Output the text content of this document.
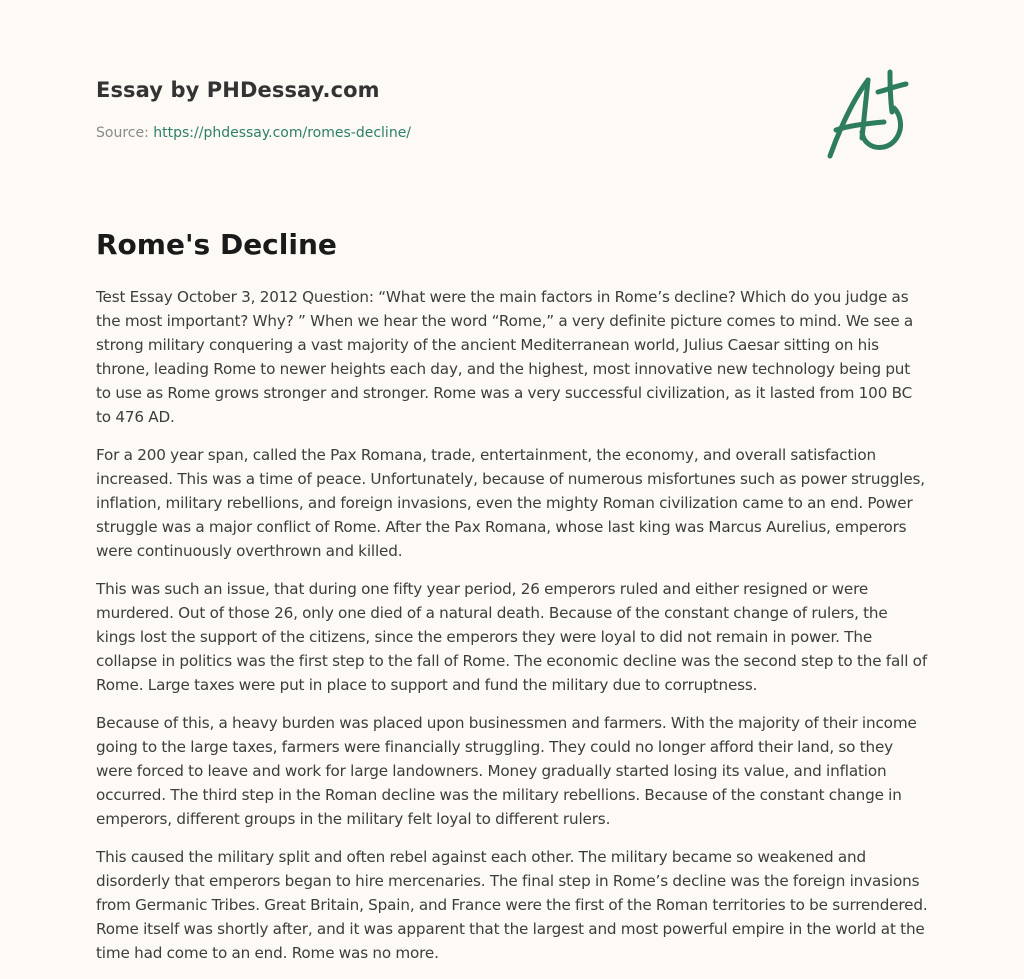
Essay by PHDessay.com
Source: https://phdessay.com/romes-decline/
Rome's Decline

Test Essay October 3, 2012 Question: “What were the main factors in Rome’s decline? Which do you judge as the most important? Why? ” When we hear the word “Rome,” a very definite picture comes to mind. We see a strong military conquering a vast majority of the ancient Mediterranean world, Julius Caesar sitting on his throne, leading Rome to newer heights each day, and the highest, most innovative new technology being put to use as Rome grows stronger and stronger. Rome was a very successful civilization, as it lasted from 100 BC to 476 AD.

For a 200 year span, called the Pax Romana, trade, entertainment, the economy, and overall satisfaction increased. This was a time of peace. Unfortunately, because of numerous misfortunes such as power struggles, inflation, military rebellions, and foreign invasions, even the mighty Roman civilization came to an end. Power struggle was a major conflict of Rome. After the Pax Romana, whose last king was Marcus Aurelius, emperors were continuously overthrown and killed.

This was such an issue, that during one fifty year period, 26 emperors ruled and either resigned or were murdered. Out of those 26, only one died of a natural death. Because of the constant change of rulers, the kings lost the support of the citizens, since the emperors they were loyal to did not remain in power. The collapse in politics was the first step to the fall of Rome. The economic decline was the second step to the fall of Rome. Large taxes were put in place to support and fund the military due to corruptness.

Because of this, a heavy burden was placed upon businessmen and farmers. With the majority of their income going to the large taxes, farmers were financially struggling. They could no longer afford their land, so they were forced to leave and work for large landowners. Money gradually started losing its value, and inflation occurred. The third step in the Roman decline was the military rebellions. Because of the constant change in emperors, different groups in the military felt loyal to different rulers.

This caused the military split and often rebel against each other. The military became so weakened and disorderly that emperors began to hire mercenaries. The final step in Rome’s decline was the foreign invasions from Germanic Tribes. Great Britain, Spain, and France were the first of the Roman territories to be surrendered. Rome itself was shortly after, and it was apparent that the largest and most powerful empire in the world at the time had come to an end. Rome was no more.
